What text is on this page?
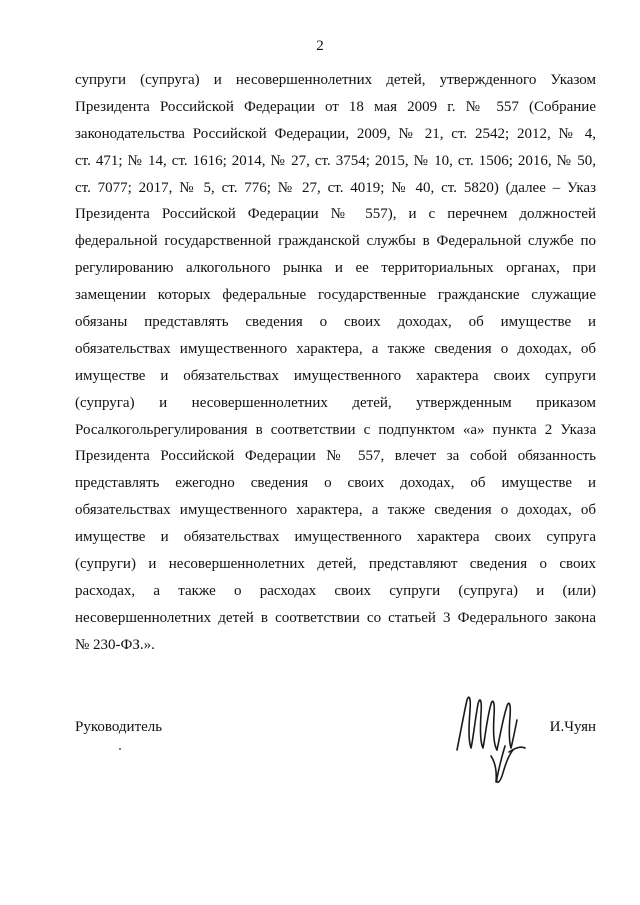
2
супруги (супруга) и несовершеннолетних детей, утвержденного Указом
Президента Российской Федерации от 18 мая 2009 г. № 557 (Собрание
законодательства Российской Федерации, 2009, № 21, ст. 2542; 2012, № 4,
ст. 471; № 14, ст. 1616; 2014, № 27, ст. 3754; 2015, № 10, ст. 1506; 2016, № 50,
ст. 7077; 2017, № 5, ст. 776; № 27, ст. 4019; № 40, ст. 5820) (далее – Указ
Президента Российской Федерации № 557), и с перечнем должностей
федеральной государственной гражданской службы в Федеральной службе по
регулированию алкогольного рынка и ее территориальных органах, при
замещении которых федеральные государственные гражданские служащие
обязаны представлять сведения о своих доходах, об имуществе и
обязательствах имущественного характера, а также сведения о доходах, об
имуществе и обязательствах имущественного характера своих супруги
(супруга) и несовершеннолетних детей, утвержденным приказом
Росалкогольрегулирования в соответствии с подпунктом «а» пункта 2 Указа
Президента Российской Федерации № 557, влечет за собой обязанность
представлять ежегодно сведения о своих доходах, об имуществе и
обязательствах имущественного характера, а также сведения о доходах, об
имуществе и обязательствах имущественного характера своих супруга
(супруги) и несовершеннолетних детей, представляют сведения о своих
расходах, а также о расходах своих супруги (супруга) и (или)
несовершеннолетних детей в соответствии со статьей 3 Федерального закона
№ 230-ФЗ.».
Руководитель	И.Чуян
